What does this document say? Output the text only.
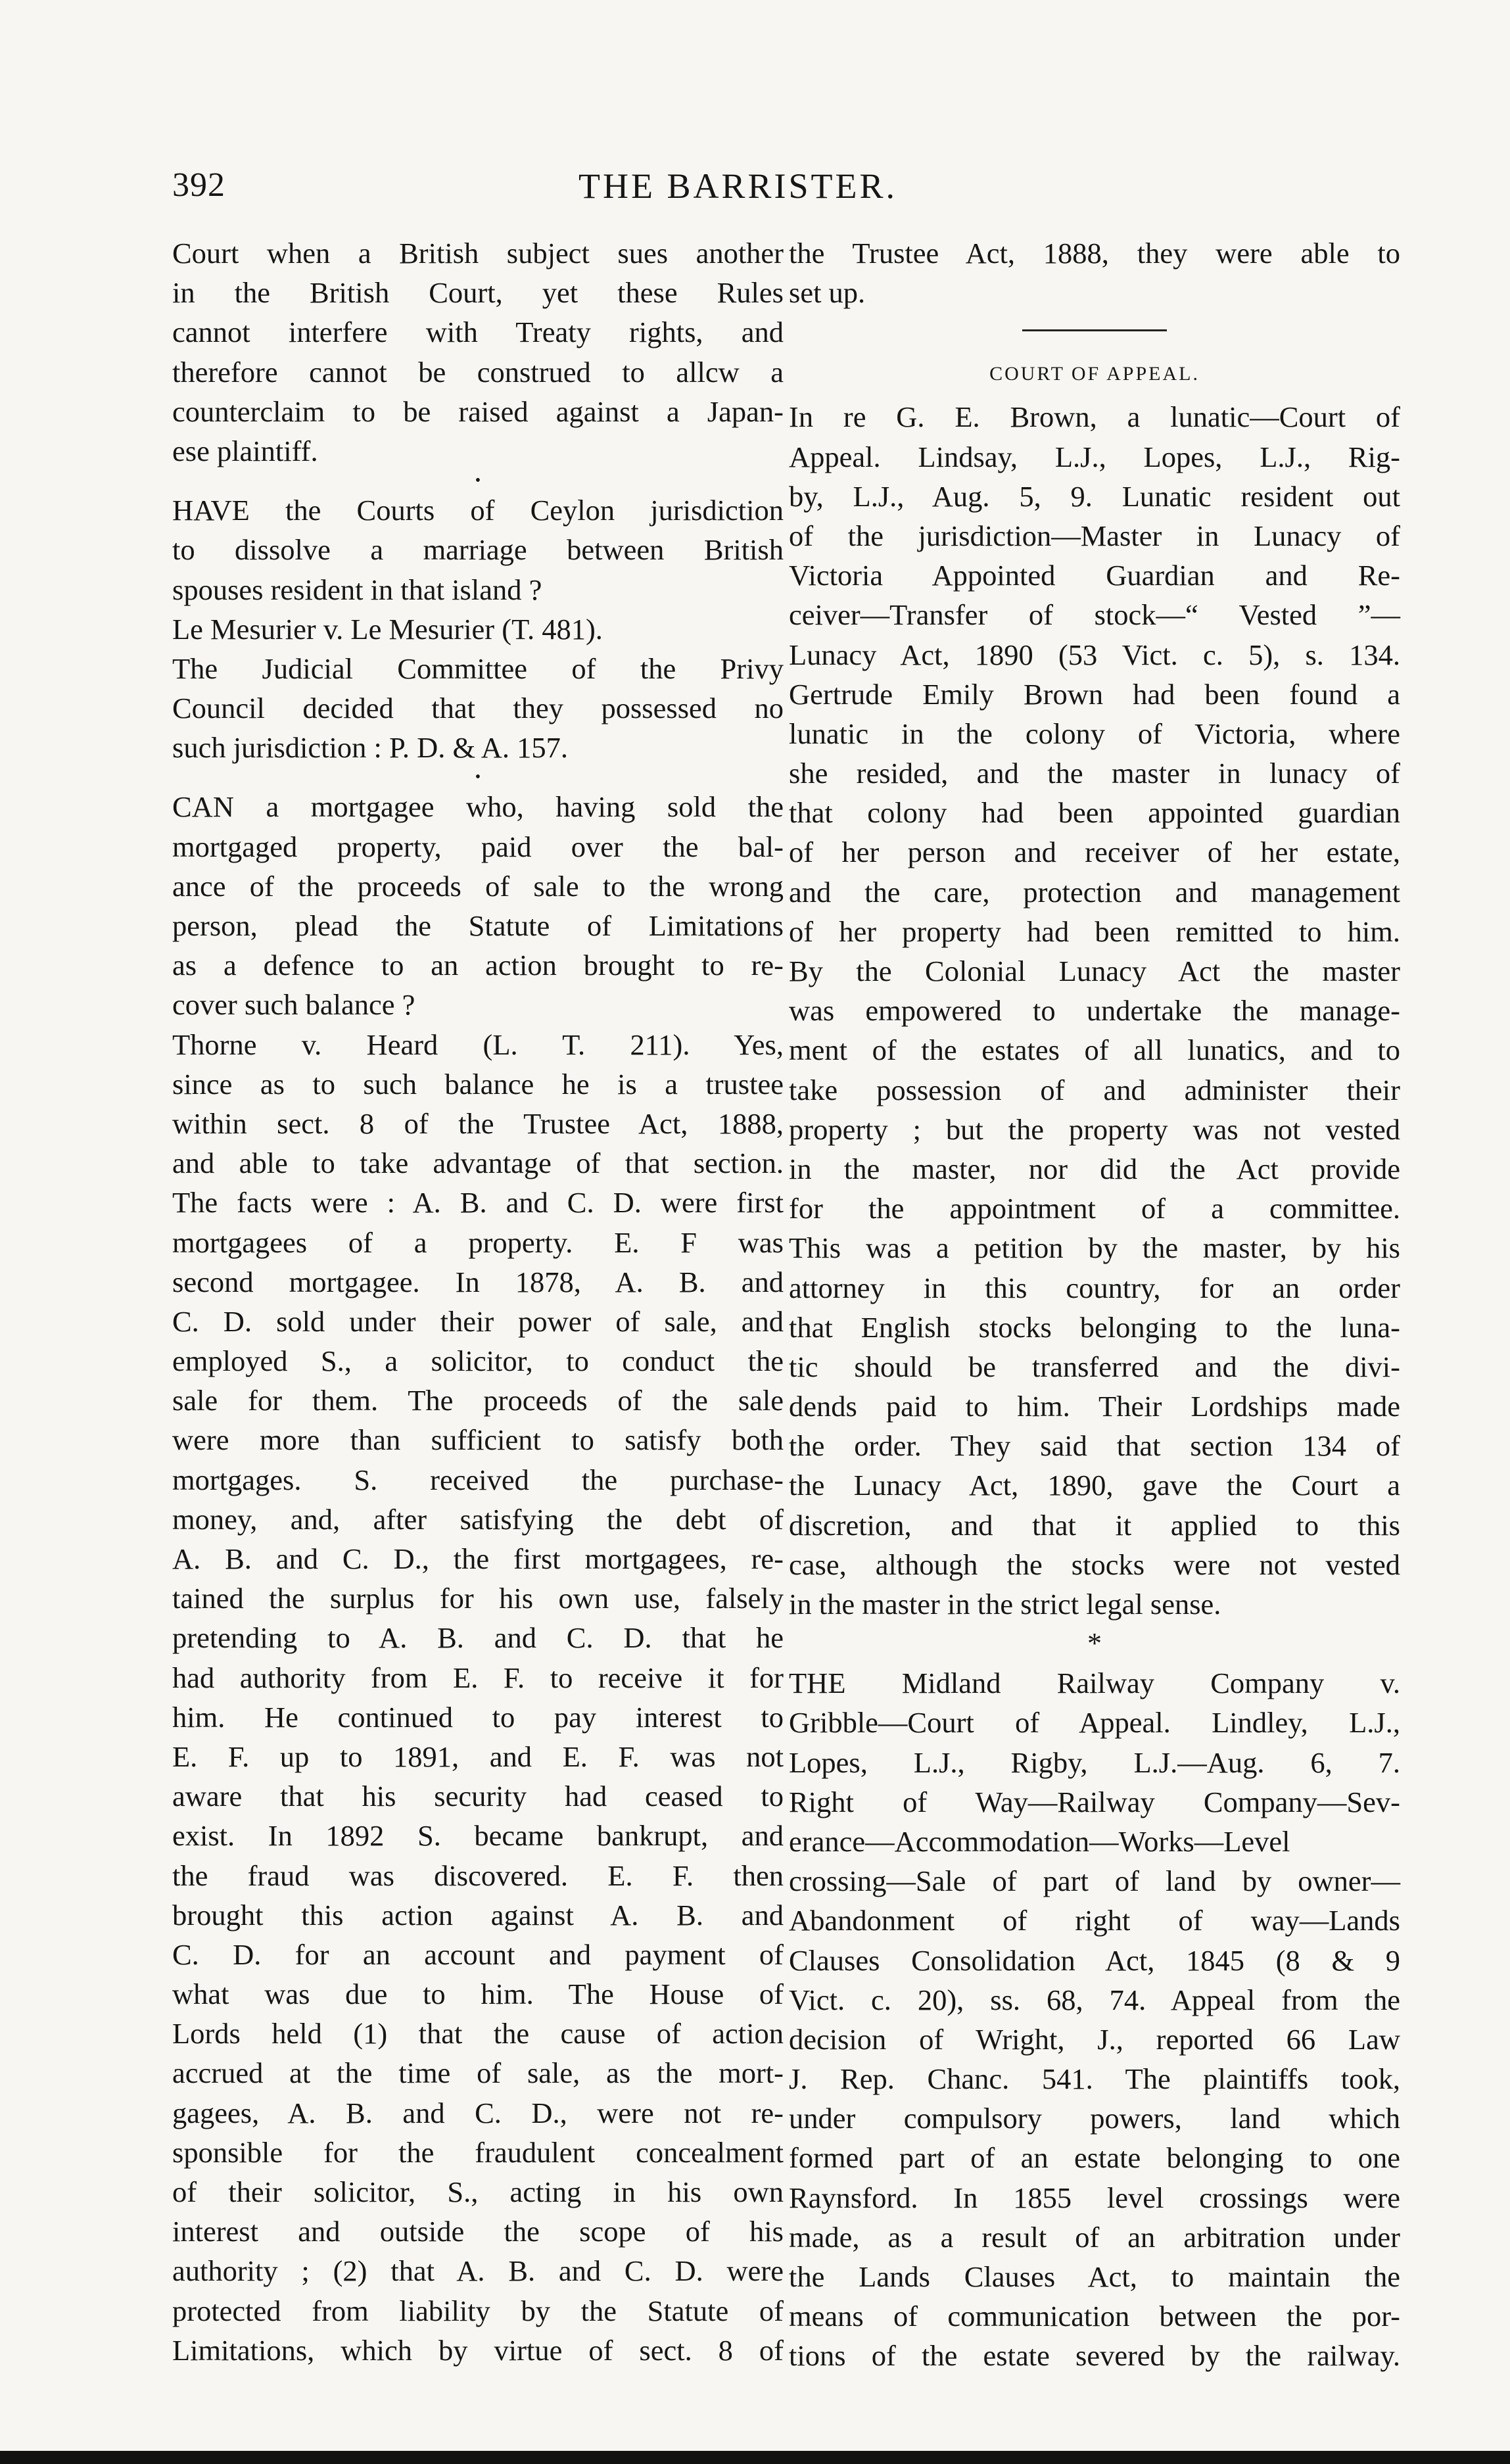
392	THE BARRISTER.
Court when a British subject sues another
in the British Court, yet these Rules
cannot interfere with Treaty rights, and
therefore cannot be construed to allcw a
counterclaim to be raised against a Japan-
ese plaintiff.
•
HAVE the Courts of Ceylon jurisdiction
to dissolve a marriage between British
spouses resident in that island ?
Le Mesurier v. Le Mesurier (T. 481).
The Judicial Committee of the Privy
Council decided that they possessed no
such jurisdiction : P. D. & A. 157.
•
CAN a mortgagee who, having sold the
mortgaged property, paid over the bal-
ance of the proceeds of sale to the wrong
person, plead the Statute of Limitations
as a defence to an action brought to re-
cover such balance ?
Thorne v. Heard (L. T. 211). Yes,
since as to such balance he is a trustee
within sect. 8 of the Trustee Act, 1888,
and able to take advantage of that section.
The facts were : A. B. and C. D. were first
mortgagees of a property. E. F was
second mortgagee. In 1878, A. B. and
C. D. sold under their power of sale, and
employed S., a solicitor, to conduct the
sale for them. The proceeds of the sale
were more than sufficient to satisfy both
mortgages. S. received the purchase-
money, and, after satisfying the debt of
A. B. and C. D., the first mortgagees, re-
tained the surplus for his own use, falsely
pretending to A. B. and C. D. that he
had authority from E. F. to receive it for
him. He continued to pay interest to
E. F. up to 1891, and E. F. was not
aware that his security had ceased to
exist. In 1892 S. became bankrupt, and
the fraud was discovered. E. F. then
brought this action against A. B. and
C. D. for an account and payment of
what was due to him. The House of
Lords held (1) that the cause of action
accrued at the time of sale, as the mort-
gagees, A. B. and C. D., were not re-
sponsible for the fraudulent concealment
of their solicitor, S., acting in his own
interest and outside the scope of his
authority ; (2) that A. B. and C. D. were
protected from liability by the Statute of
Limitations, which by virtue of sect. 8 of
the Trustee Act, 1888, they were able to
set up.
COURT OF APPEAL.
In re G. E. Brown, a lunatic—Court of
Appeal. Lindsay, L.J., Lopes, L.J., Rig-
by, L.J., Aug. 5, 9. Lunatic resident out
of the jurisdiction—Master in Lunacy of
Victoria Appointed Guardian and Re-
ceiver—Transfer of stock—“ Vested ”—
Lunacy Act, 1890 (53 Vict. c. 5), s. 134.
Gertrude Emily Brown had been found a
lunatic in the colony of Victoria, where
she resided, and the master in lunacy of
that colony had been appointed guardian
of her person and receiver of her estate,
and the care, protection and management
of her property had been remitted to him.
By the Colonial Lunacy Act the master
was empowered to undertake the manage-
ment of the estates of all lunatics, and to
take possession of and administer their
property ; but the property was not vested
in the master, nor did the Act provide
for the appointment of a committee.
This was a petition by the master, by his
attorney in this country, for an order
that English stocks belonging to the luna-
tic should be transferred and the divi-
dends paid to him. Their Lordships made
the order. They said that section 134 of
the Lunacy Act, 1890, gave the Court a
discretion, and that it applied to this
case, although the stocks were not vested
in the master in the strict legal sense.
*
THE Midland Railway Company v.
Gribble—Court of Appeal. Lindley, L.J.,
Lopes, L.J., Rigby, L.J.—Aug. 6, 7.
Right of Way—Railway Company—Sev-
erance—Accommodation—Works—Level
crossing—Sale of part of land by owner—
Abandonment of right of way—Lands
Clauses Consolidation Act, 1845 (8 & 9
Vict. c. 20), ss. 68, 74. Appeal from the
decision of Wright, J., reported 66 Law
J. Rep. Chanc. 541. The plaintiffs took,
under compulsory powers, land which
formed part of an estate belonging to one
Raynsford. In 1855 level crossings were
made, as a result of an arbitration under
the Lands Clauses Act, to maintain the
means of communication between the por-
tions of the estate severed by the railway.
